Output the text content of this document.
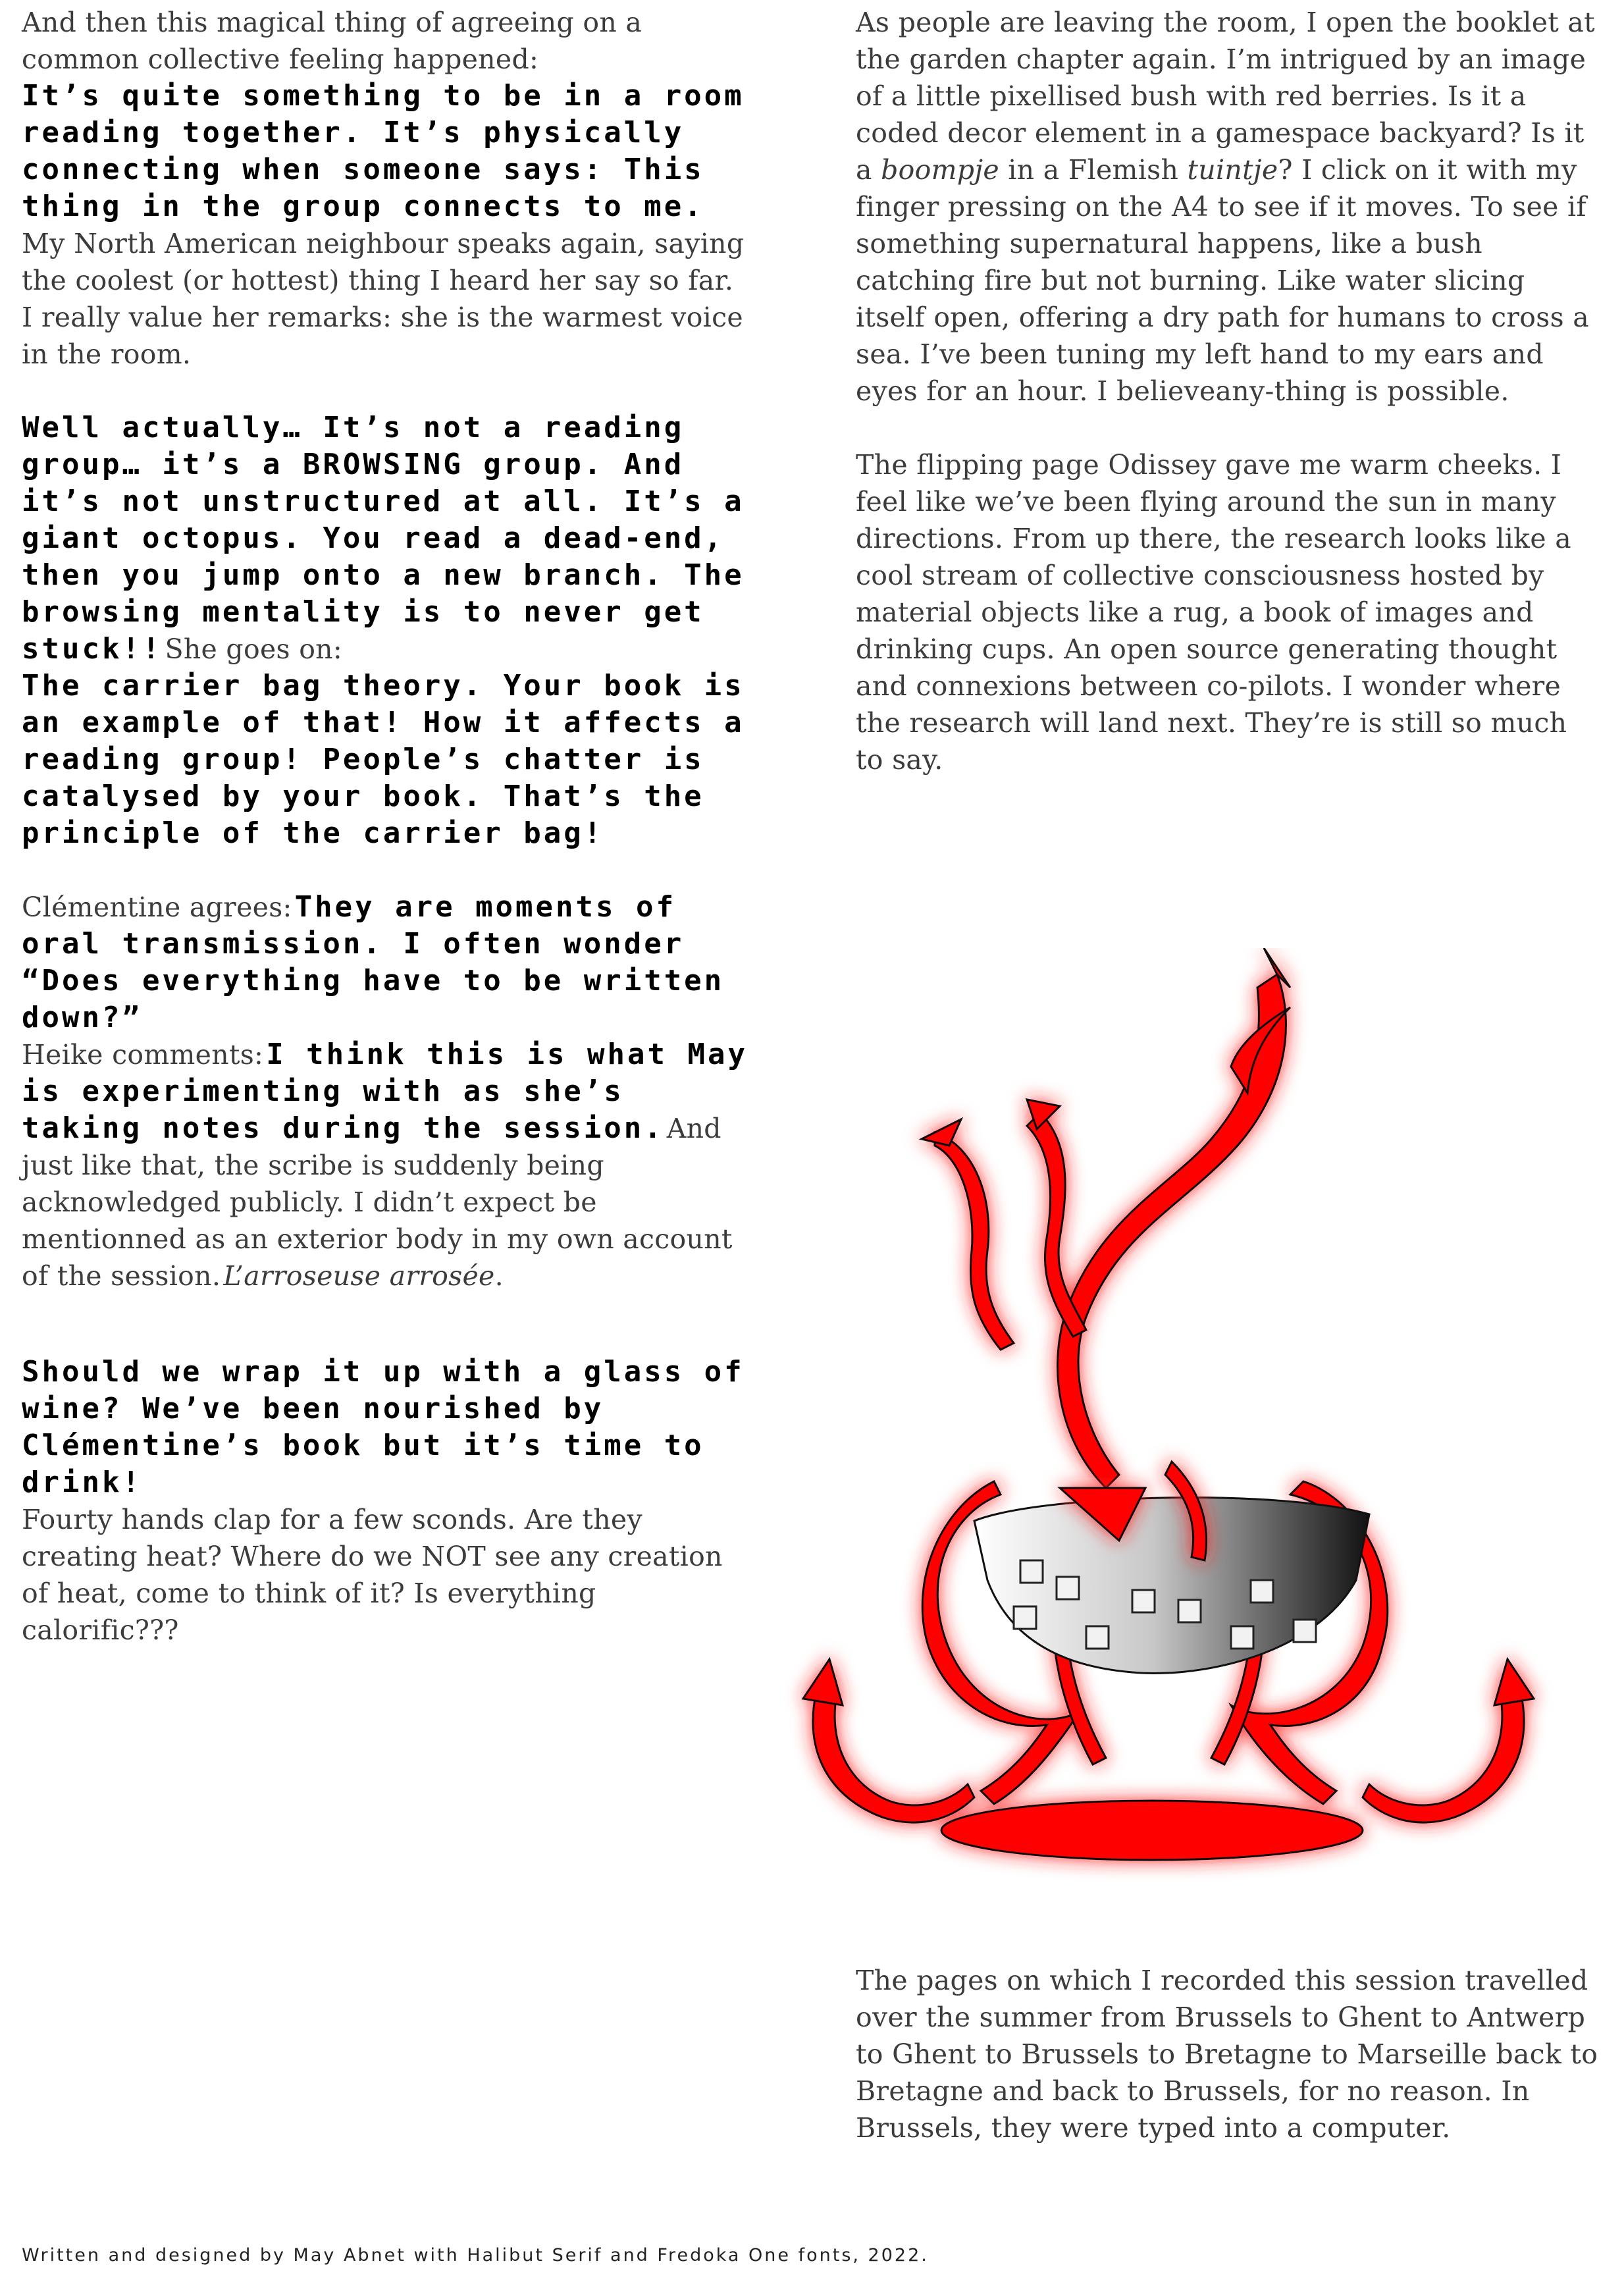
And then this magical thing of agreeing on a common collective feeling happened:
It’s quite something to be in a room reading together. It’s physically connecting when someone says: This thing in the group connects to me.
My North American neighbour speaks again, saying the coolest (or hottest) thing I heard her say so far. I really value her remarks: she is the warmest voice in the room.

Well actually… It’s not a reading group… it’s a BROWSING group. And it’s not unstructured at all. It’s a giant octopus. You read a dead-end, then you jump onto a new branch. The browsing mentality is to never get stuck!! She goes on:
The carrier bag theory. Your book is an example of that! How it affects a reading group! People’s chatter is catalysed by your book. That’s the principle of the carrier bag!

Clémentine agrees: They are moments of oral transmission. I often wonder “Does everything have to be written down?”
Heike comments: I think this is what May is experimenting with as she’s taking notes during the session. And just like that, the scribe is suddenly being acknowledged publicly. I didn’t expect be mentionned as an exterior body in my own account of the session. L’arroseuse arrosée.

Should we wrap it up with a glass of wine? We’ve been nourished by Clémentine’s book but it’s time to drink!
Fourty hands clap for a few sconds. Are they creating heat? Where do we NOT see any creation of heat, come to think of it? Is everything calorific???

As people are leaving the room, I open the booklet at the garden chapter again. I’m intrigued by an image of a little pixellised bush with red berries. Is it a coded decor element in a gamespace backyard? Is it a boompje in a Flemish tuintje? I click on it with my finger pressing on the A4 to see if it moves. To see if something supernatural happens, like a bush catching fire but not burning. Like water slicing itself open, offering a dry path for humans to cross a sea. I’ve been tuning my left hand to my ears and eyes for an hour. I believeany-thing is possible.

The flipping page Odissey gave me warm cheeks. I feel like we’ve been flying around the sun in many directions. From up there, the research looks like a cool stream of collective consciousness hosted by material objects like a rug, a book of images and drinking cups. An open source generating thought and connexions between co-pilots. I wonder where the research will land next. They’re is still so much to say.

The pages on which I recorded this session travelled over the summer from Brussels to Ghent to Antwerp to Ghent to Brussels to Bretagne to Marseille back to Bretagne and back to Brussels, for no reason. In Brussels, they were typed into a computer.

Written and designed by May Abnet with Halibut Serif and Fredoka One fonts, 2022.
